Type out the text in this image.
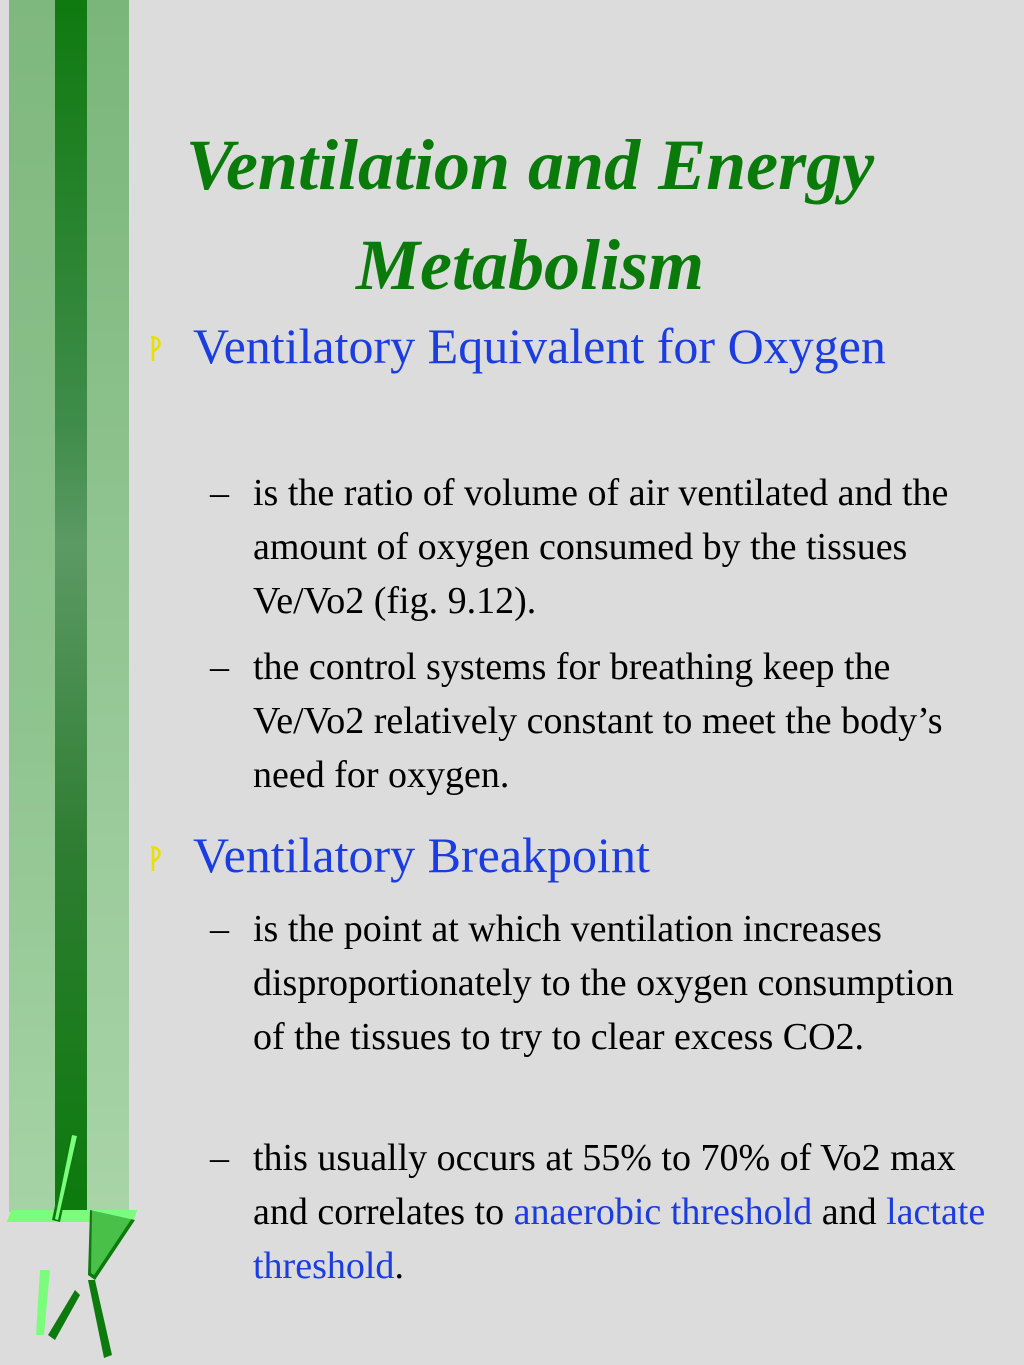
Ventilation and Energy
Metabolism
Ventilatory Equivalent for Oxygen
– is the ratio of volume of air ventilated and the amount of oxygen consumed by the tissues Ve/Vo2 (fig. 9.12).
– the control systems for breathing keep the Ve/Vo2 relatively constant to meet the body’s need for oxygen.
Ventilatory Breakpoint
– is the point at which ventilation increases disproportionately to the oxygen consumption of the tissues to try to clear excess CO2.
– this usually occurs at 55% to 70% of Vo2 max and correlates to anaerobic threshold and lactate threshold.
